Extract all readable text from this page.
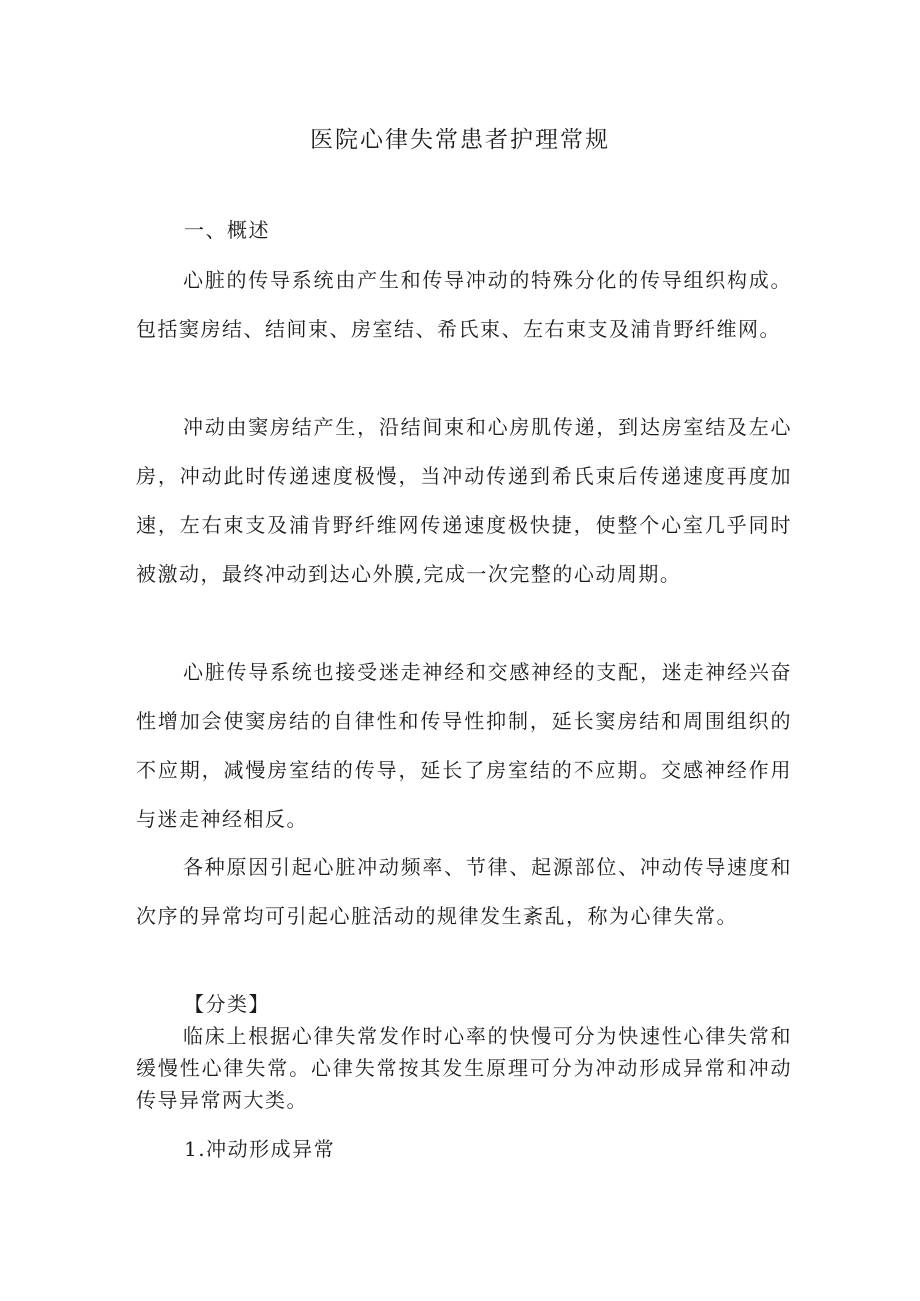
医院心律失常患者护理常规
一、概述

心脏的传导系统由产生和传导冲动的特殊分化的传导组织构成。包括窦房结、结间束、房室结、希氏束、左右束支及浦肯野纤维网。

冲动由窦房结产生，沿结间束和心房肌传递，到达房室结及左心房，冲动此时传递速度极慢，当冲动传递到希氏束后传递速度再度加速，左右束支及浦肯野纤维网传递速度极快捷，使整个心室几乎同时被激动，最终冲动到达心外膜,完成一次完整的心动周期。

心脏传导系统也接受迷走神经和交感神经的支配，迷走神经兴奋性增加会使窦房结的自律性和传导性抑制，延长窦房结和周围组织的不应期，减慢房室结的传导，延长了房室结的不应期。交感神经作用与迷走神经相反。

各种原因引起心脏冲动频率、节律、起源部位、冲动传导速度和次序的异常均可引起心脏活动的规律发生紊乱，称为心律失常。

【分类】

临床上根据心律失常发作时心率的快慢可分为快速性心律失常和缓慢性心律失常。心律失常按其发生原理可分为冲动形成异常和冲动传导异常两大类。

1.冲动形成异常
